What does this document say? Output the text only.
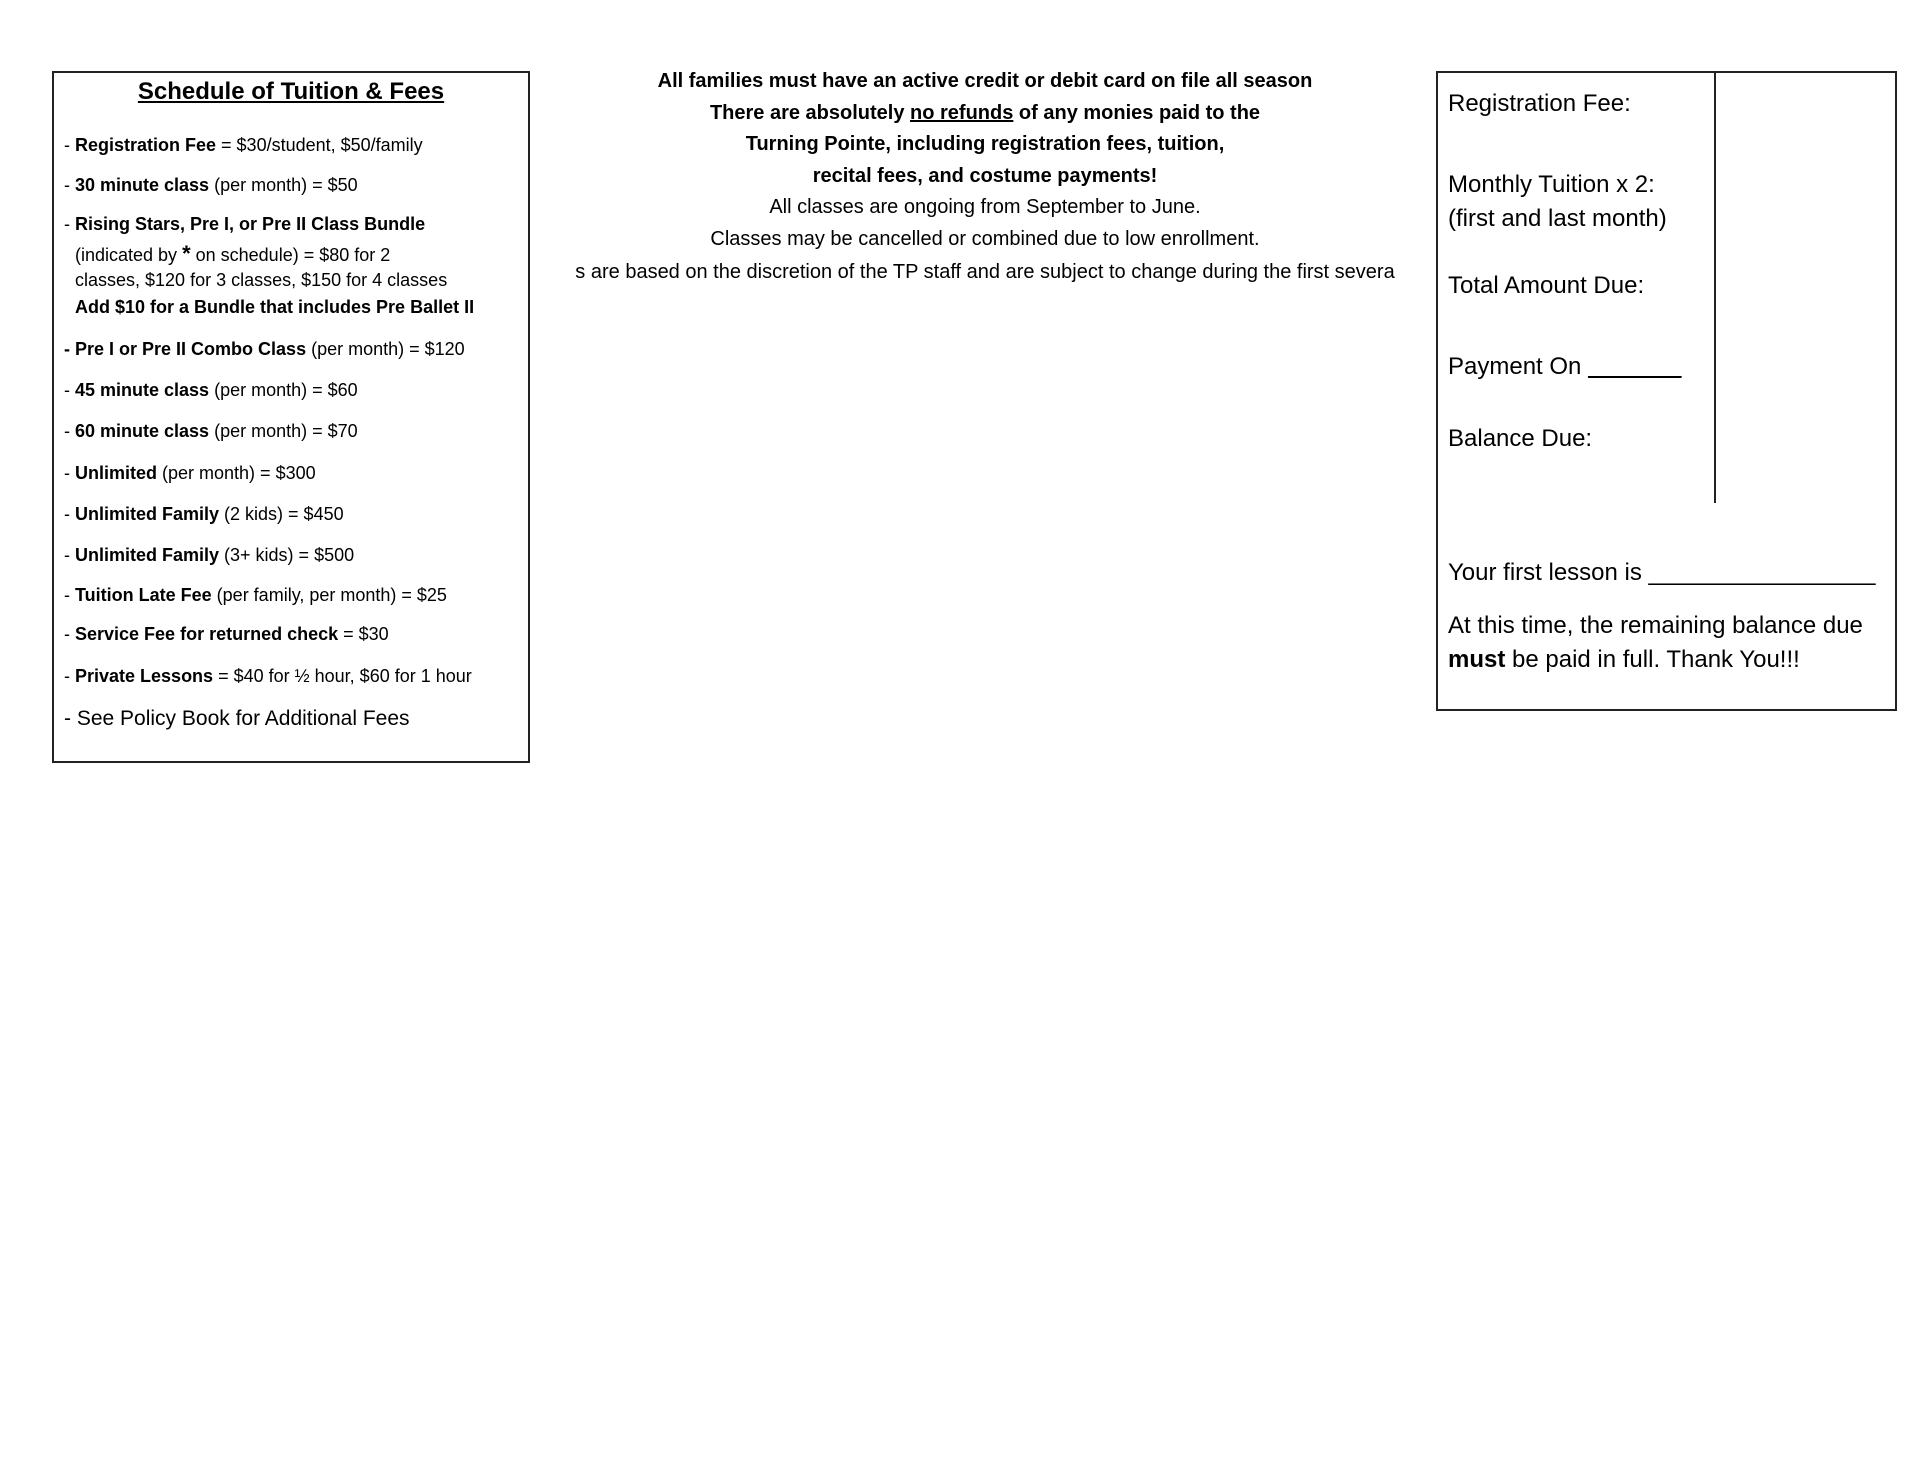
Schedule of Tuition & Fees
- Registration Fee = $30/student, $50/family
- 30 minute class (per month) = $50
- Rising Stars, Pre I, or Pre II Class Bundle
(indicated by * on schedule) = $80 for 2
classes, $120 for 3 classes, $150 for 4 classes
Add $10 for a Bundle that includes Pre Ballet II
- Pre I or Pre II Combo Class (per month) = $120
- 45 minute class (per month) = $60
- 60 minute class (per month) = $70
- Unlimited (per month) = $300
- Unlimited Family (2 kids) = $450
- Unlimited Family (3+ kids) = $500
- Tuition Late Fee (per family, per month) = $25
- Service Fee for returned check = $30
- Private Lessons = $40 for ½ hour, $60 for 1 hour
- See Policy Book for Additional Fees
All families must have an active credit or debit card on file all season
There are absolutely no refunds of any monies paid to the
Turning Pointe, including registration fees, tuition,
recital fees, and costume payments!
All classes are ongoing from September to June.
Classes may be cancelled or combined due to low enrollment.
s are based on the discretion of the TP staff and are subject to change during the first severa
Registration Fee:
Monthly Tuition x 2:
(first and last month)
Total Amount Due:
Payment On _______
Balance Due:
Your first lesson is _________________
At this time, the remaining balance due
must be paid in full. Thank You!!!
